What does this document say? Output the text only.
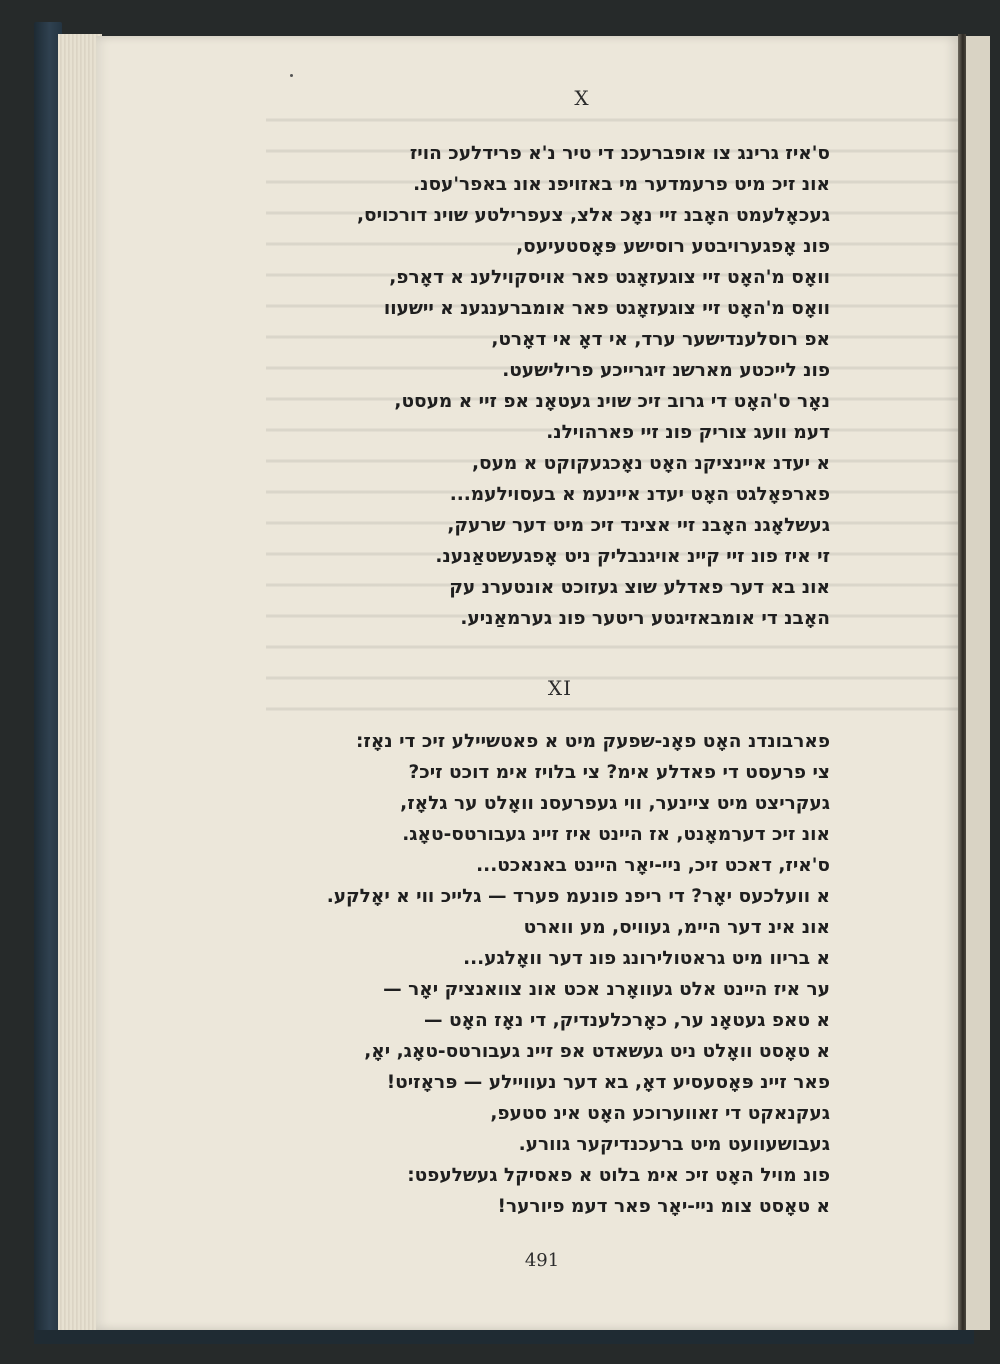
X
ס'איז גרינג צו אופברעכנ די טיר נ'א פרידלעכ הויז
אונ זיכ מיט פרעמדער מי באזויפנ אונ באפר'עסנ.
געכאָלעמט האָבנ זיי נאָכ אלצ, צעפרילטע שוינ דורכויס,
פונ אָפגערויבטע רוסישע פּאָסטעיעס,
וואָס מ'האָט זיי צוגעזאָגט פאר אויסקוילענ א דאָרפ,
וואָס מ'האָט זיי צוגעזאָגט פאר אומברענגענ א יישעוו
אפ רוסלענדישער ערד, אי דאָ אי דאָרט,
פונ לייכטע מארשנ זיגרייכע פרילישעט.
נאָר ס'האָט די גרוב זיכ שוינ געטאָנ אפ זיי א מעסט,
דעמ וועג צוריק פונ זיי פארהוילנ.
א יעדנ איינציקנ האָט נאָכגעקוקט א מעס,
פארפאָלגט האָט יעדנ איינעמ א בעסוילעמ...
געשלאָגנ האָבנ זיי אצינד זיכ מיט דער שרעק,
זי איז פונ זיי קיינ אויגנבליק ניט אָפגעשטאַנענ.
אונ בא דער פאדלע שוצ געזוכט אונטערנ עק
האָבנ די אומבאזיגטע ריטער פונ גערמאַניע.
XI
פארבונדנ האָט פאָנ-שפעק מיט א פאטשיילע זיכ די נאָז:
צי פרעסט די פאדלע אימ? צי בלויז אימ דוכט זיכ?
געקריצט מיט ציינער, ווי געפרעסנ וואָלט ער גלאָז,
אונ זיכ דערמאָנט, אז היינט איז זיינ געבורטס-טאָג.
ס'איז, דאכט זיכ, ניי-יאָר היינט באנאכט...
א וועלכעס יאָר? די ריפנ פונעמ פערד — גלייכ ווי א יאָלקע.
אונ אינ דער היימ, געוויס, מע ווארט
א בריוו מיט גראטולירונג פונ דער וואָלגע...
ער איז היינט אלט געוואָרנ אכט אונ צוואנציק יאָר —
א טאפ געטאָנ ער, כאָרכלענדיק, די נאָז האָט —
א טאָסט וואָלט ניט געשאדט אפ זיינ געבורטס-טאָג, יאָ,
פאר זיינ פּאָסעסיע דאָ, בא דער נעוויילע — פּראָזיט!
געקנאקט די זאווערוכע האָט אינ סטעפ,
געבושעוועט מיט ברעכנדיקער גוורע.
פונ מויל האָט זיכ אימ בלוט א פאסיקל געשלעפט:
א טאָסט צומ ניי-יאָר פאר דעמ פיורער!
491
